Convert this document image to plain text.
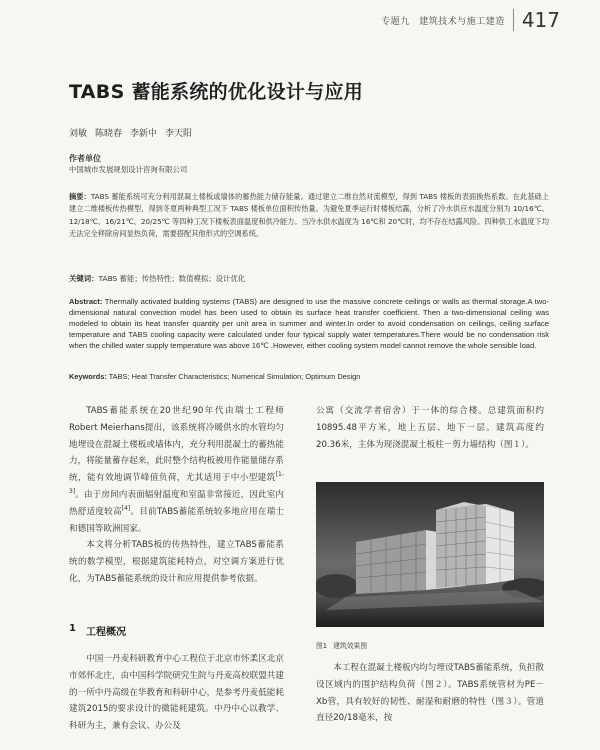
专题九　建筑技术与施工建造 417
TABS 蓄能系统的优化设计与应用
刘敏 陈晓春 李新中 李天阳
作者单位
中国城市发展规划设计咨询有限公司
摘要：TABS 蓄能系统可充分利用混凝土楼板或墙体的蓄热能力储存能量。通过建立二维自然对流模型，得到 TABS 楼板的表面换热系数。在此基础上建立二维楼板传热模型，得到冬夏两种典型工况下 TABS 楼板单位面积传热量。为避免夏季运行时楼板结露，分析了冷水供应水温度分别为 10/16℃、12/18℃、16/21℃、20/25℃ 等四种工况下楼板表面温度和供冷能力。当冷水供水温度为 16℃和 20℃时，均不存在结露风险。四种供工水温度下均无法完全移除房间显热负荷，需要搭配其他形式的空调系统。
关键词：TABS 蓄能；传热特性；数值模拟；设计优化
Abstract: Thermally activated building systems (TABS) are designed to use the massive concrete ceilings or walls as thermal storage.A two-dimensional natural convection model has been used to obtain its surface heat transfer coefficient. Then a two-dimensional ceiling was modeled to obtain its heat transfer quantity per unit area in summer and winter.In order to avoid condensation on ceilings, ceiling surface temperature and TABS cooling capacity were calculated under four typical supply water temperatures.There would be no condensation risk when the chilled water supply temperature was above 16℃ .However, either cooling system model cannot remove the whole sensible load.
Keywords: TABS; Heat Transfer Characteristics; Numerical Simulation; Optimum Design

TABS蓄能系统在20世纪90年代由瑞士工程师Robert Meierhans提出，该系统将冷暖供水的水管均匀地埋设在混凝土楼板或墙体内，充分利用混凝土的蓄热能力，将能量蓄存起来，此时整个结构板被用作能量储存系统，能有效地调节峰值负荷，尤其适用于中小型建筑[1-3]。由于房间内表面辐射温度和室温非常接近，因此室内热舒适度较高[4]。目前TABS蓄能系统较多地应用在瑞士和德国等欧洲国家。

本文将分析TABS板的传热特性，建立TABS蓄能系统的数学模型，根据建筑能耗特点，对空调方案进行优化，为TABS蓄能系统的设计和应用提供参考依据。

1 工程概况

中国一丹麦科研教育中心工程位于北京市怀柔区北京市郊怀北庄，由中国科学院研究生院与丹麦高校联盟共建的一所中丹高级在华教育和科研中心，是参考丹麦低能耗建筑2015的要求设计的微能耗建筑。中丹中心以教学、科研为主，兼有会议、办公及

公寓（交流学者宿舍）于一体的综合楼。总建筑面积约10895.48平方米，地上五层、地下一层。建筑高度约20.36米，主体为现浇混凝土板柱－剪力墙结构（图１）。

图1 建筑效果图

本工程在混凝土楼板内均匀埋设TABS蓄能系统，负担散设区域内的围护结构负荷（图２）。TABS系统管材为PE－Xb管，具有较好的韧性、耐湿和耐磨的特性（图３）。管道直径20/18毫米，按
